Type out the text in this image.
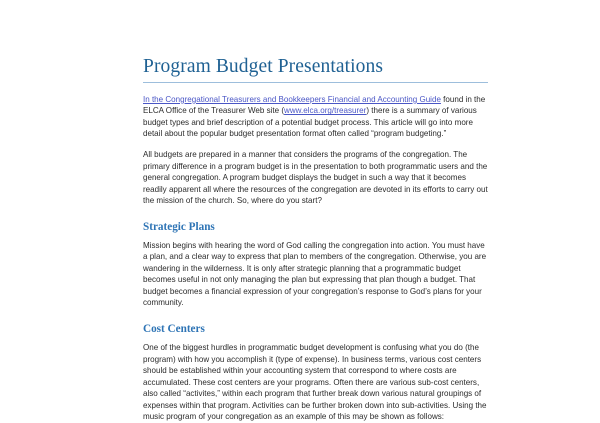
Program Budget Presentations

In the Congregational Treasurers and Bookkeepers Financial and Accounting Guide found in the ELCA Office of the Treasurer Web site (www.elca.org/treasurer) there is a summary of various budget types and brief description of a potential budget process. This article will go into more detail about the popular budget presentation format often called “program budgeting.”

All budgets are prepared in a manner that considers the programs of the congregation. The primary difference in a program budget is in the presentation to both programmatic users and the general congregation. A program budget displays the budget in such a way that it becomes readily apparent all where the resources of the congregation are devoted in its efforts to carry out the mission of the church. So, where do you start?

Strategic Plans

Mission begins with hearing the word of God calling the congregation into action. You must have a plan, and a clear way to express that plan to members of the congregation. Otherwise, you are wandering in the wilderness. It is only after strategic planning that a programmatic budget becomes useful in not only managing the plan but expressing that plan though a budget. That budget becomes a financial expression of your congregation’s response to God’s plans for your community.

Cost Centers

One of the biggest hurdles in programmatic budget development is confusing what you do (the program) with how you accomplish it (type of expense). In business terms, various cost centers should be established within your accounting system that correspond to where costs are accumulated. These cost centers are your programs. Often there are various sub-cost centers, also called “activites,” within each program that further break down various natural groupings of expenses within that program. Activities can be further broken down into sub-activities. Using the music program of your congregation as an example of this may be shown as follows:
